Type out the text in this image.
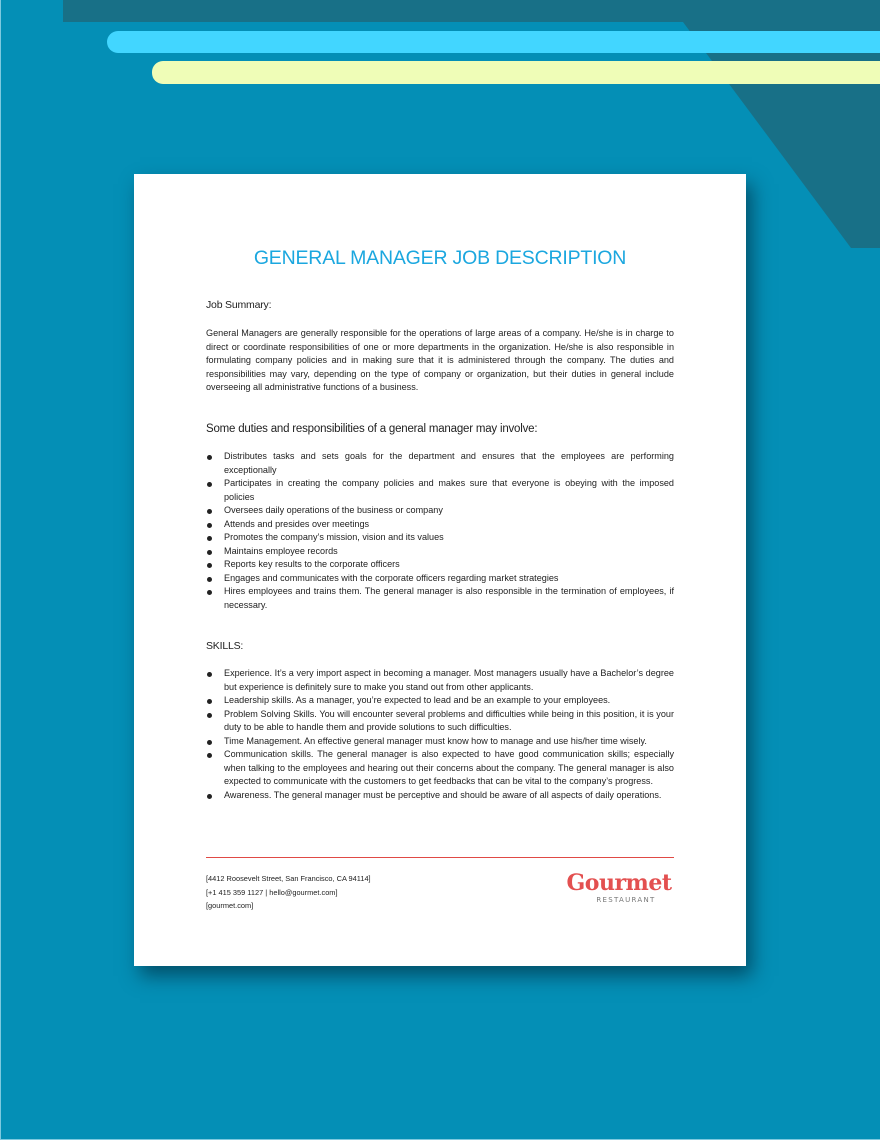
GENERAL MANAGER JOB DESCRIPTION
Job Summary:

General Managers are generally responsible for the operations of large areas of a company. He/she is in charge to direct or coordinate responsibilities of one or more departments in the organization. He/she is also responsible in formulating company policies and in making sure that it is administered through the company. The duties and responsibilities may vary, depending on the type of company or organization, but their duties in general include overseeing all administrative functions of a business.

Some duties and responsibilities of a general manager may involve:
Distributes tasks and sets goals for the department and ensures that the employees are performing exceptionally
Participates in creating the company policies and makes sure that everyone is obeying with the imposed policies
Oversees daily operations of the business or company
Attends and presides over meetings
Promotes the company’s mission, vision and its values
Maintains employee records
Reports key results to the corporate officers
Engages and communicates with the corporate officers regarding market strategies
Hires employees and trains them. The general manager is also responsible in the termination of employees, if necessary.
SKILLS:
Experience. It’s a very import aspect in becoming a manager. Most managers usually have a Bachelor’s degree but experience is definitely sure to make you stand out from other applicants.
Leadership skills. As a manager, you’re expected to lead and be an example to your employees.
Problem Solving Skills. You will encounter several problems and difficulties while being in this position, it is your duty to be able to handle them and provide solutions to such difficulties.
Time Management. An effective general manager must know how to manage and use his/her time wisely.
Communication skills. The general manager is also expected to have good communication skills; especially when talking to the employees and hearing out their concerns about the company. The general manager is also expected to communicate with the customers to get feedbacks that can be vital to the company’s progress.
Awareness. The general manager must be perceptive and should be aware of all aspects of daily operations.
[4412 Roosevelt Street, San Francisco, CA 94114]
[+1 415 359 1127 | hello@gourmet.com]
[gourmet.com]
Gourmet
RESTAURANT
